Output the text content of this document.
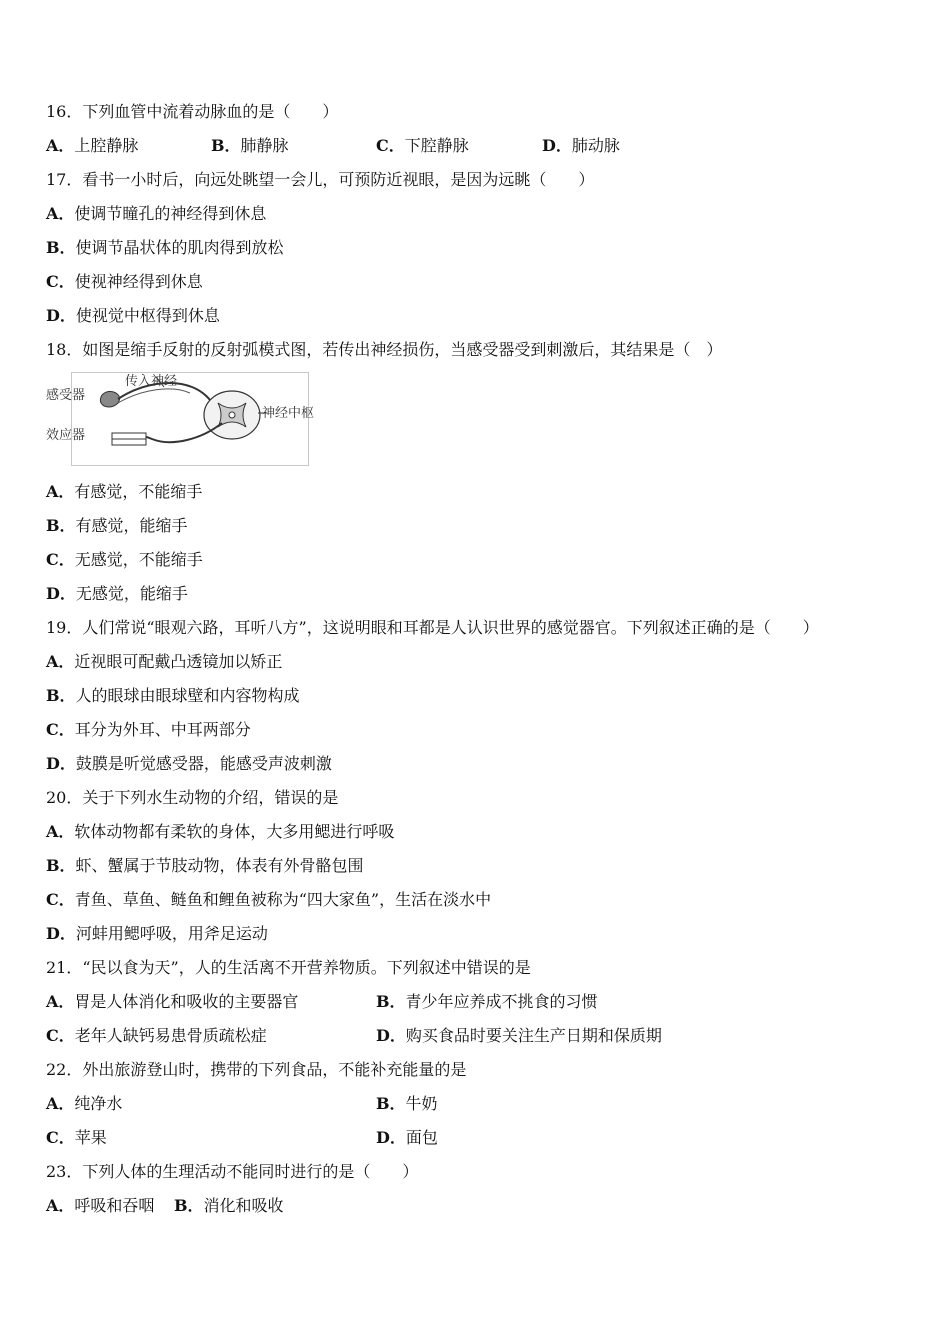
16．下列血管中流着动脉血的是（　　）
A．上腔静脉	B．肺静脉	C．下腔静脉	D．肺动脉
17．看书一小时后，向远处眺望一会儿，可预防近视眼，是因为远眺（　　）
A．使调节瞳孔的神经得到休息
B．使调节晶状体的肌肉得到放松
C．使视神经得到休息
D．使视觉中枢得到休息
18．如图是缩手反射的反射弧模式图，若传出神经损伤，当感受器受到刺激后，其结果是（　）
传入神经
感受器
神经中枢
效应器
A．有感觉，不能缩手
B．有感觉，能缩手
C．无感觉，不能缩手
D．无感觉，能缩手
19．人们常说“眼观六路，耳听八方”，这说明眼和耳都是人认识世界的感觉器官。下列叙述正确的是（　　）
A．近视眼可配戴凸透镜加以矫正
B．人的眼球由眼球壁和内容物构成
C．耳分为外耳、中耳两部分
D．鼓膜是听觉感受器，能感受声波刺激
20．关于下列水生动物的介绍，错误的是
A．软体动物都有柔软的身体，大多用鳃进行呼吸
B．虾、蟹属于节肢动物，体表有外骨骼包围
C．青鱼、草鱼、鲢鱼和鲤鱼被称为“四大家鱼”，生活在淡水中
D．河蚌用鳃呼吸，用斧足运动
21．“民以食为天”，人的生活离不开营养物质。下列叙述中错误的是
A．胃是人体消化和吸收的主要器官	B．青少年应养成不挑食的习惯
C．老年人缺钙易患骨质疏松症	D．购买食品时要关注生产日期和保质期
22．外出旅游登山时，携带的下列食品，不能补充能量的是
A．纯净水	B．牛奶
C．苹果	D．面包
23．下列人体的生理活动不能同时进行的是（　　）
A．呼吸和吞咽 B．消化和吸收
